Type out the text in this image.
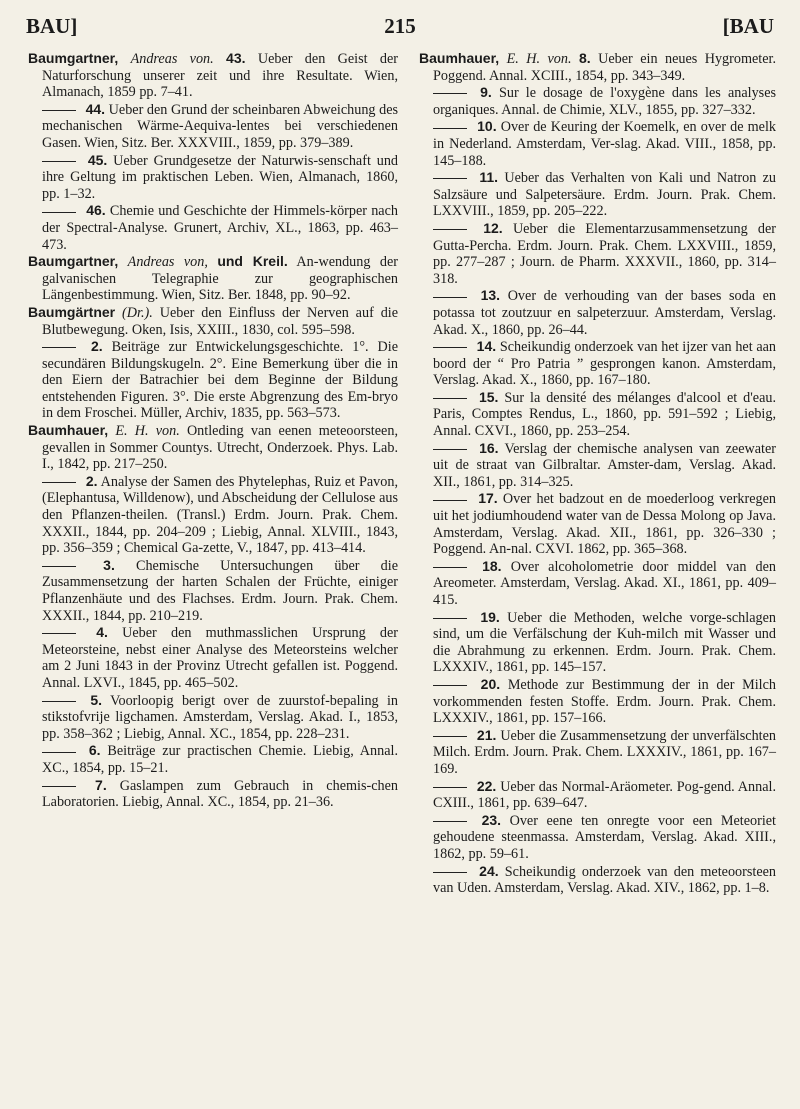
BAU]	215	[BAU
Baumgartner, Andreas von. 43. Ueber den Geist der Naturforschung unserer zeit und ihre Resultate. Wien, Almanach, 1859 pp. 7–41.
44. Ueber den Grund der scheinbaren Abweichung des mechanischen Wärme-Aequiva-lentes bei verschiedenen Gasen. Wien, Sitz. Ber. XXXVIII., 1859, pp. 379–389.
45. Ueber Grundgesetze der Naturwis-senschaft und ihre Geltung im praktischen Leben. Wien, Almanach, 1860, pp. 1–32.
46. Chemie und Geschichte der Himmels-körper nach der Spectral-Analyse. Grunert, Archiv, XL., 1863, pp. 463–473.
Baumgartner, Andreas von, und Kreil. An-wendung der galvanischen Telegraphie zur geographischen Längenbestimmung. Wien, Sitz. Ber. 1848, pp. 90–92.
Baumgärtner (Dr.). Ueber den Einfluss der Nerven auf die Blutbewegung. Oken, Isis, XXIII., 1830, col. 595–598.
2. Beiträge zur Entwickelungsgeschichte. 1°. Die secundären Bildungskugeln. 2°. Eine Bemerkung über die in den Eiern der Batrachier bei dem Beginne der Bildung entstehenden Figuren. 3°. Die erste Abgrenzung des Em-bryo in dem Froschei. Müller, Archiv, 1835, pp. 563–573.
Baumhauer, E. H. von. Ontleding van eenen meteoorsteen, gevallen in Sommer Countys. Utrecht, Onderzoek. Phys. Lab. I., 1842, pp. 217–250.
2. Analyse der Samen des Phytelephas, Ruiz et Pavon, (Elephantusa, Willdenow), und Abscheidung der Cellulose aus den Pflanzen-theilen. (Transl.) Erdm. Journ. Prak. Chem. XXXII., 1844, pp. 204–209 ; Liebig, Annal. XLVIII., 1843, pp. 356–359 ; Chemical Ga-zette, V., 1847, pp. 413–414.
3. Chemische Untersuchungen über die Zusammensetzung der harten Schalen der Früchte, einiger Pflanzenhäute und des Flachses. Erdm. Journ. Prak. Chem. XXXII., 1844, pp. 210–219.
4. Ueber den muthmasslichen Ursprung der Meteorsteine, nebst einer Analyse des Meteorsteins welcher am 2 Juni 1843 in der Provinz Utrecht gefallen ist. Poggend. Annal. LXVI., 1845, pp. 465–502.
5. Voorloopig berigt over de zuurstof-bepaling in stikstofvrije ligchamen. Amsterdam, Verslag. Akad. I., 1853, pp. 358–362 ; Liebig, Annal. XC., 1854, pp. 228–231.
6. Beiträge zur practischen Chemie. Liebig, Annal. XC., 1854, pp. 15–21.
7. Gaslampen zum Gebrauch in chemis-chen Laboratorien. Liebig, Annal. XC., 1854, pp. 21–36.
Baumhauer, E. H. von. 8. Ueber ein neues Hygrometer. Poggend. Annal. XCIII., 1854, pp. 343–349.
9. Sur le dosage de l'oxygène dans les analyses organiques. Annal. de Chimie, XLV., 1855, pp. 327–332.
10. Over de Keuring der Koemelk, en over de melk in Nederland. Amsterdam, Ver-slag. Akad. VIII., 1858, pp. 145–188.
11. Ueber das Verhalten von Kali und Natron zu Salzsäure und Salpetersäure. Erdm. Journ. Prak. Chem. LXXVIII., 1859, pp. 205–222.
12. Ueber die Elementarzusammensetzung der Gutta-Percha. Erdm. Journ. Prak. Chem. LXXVIII., 1859, pp. 277–287 ; Journ. de Pharm. XXXVII., 1860, pp. 314–318.
13. Over de verhouding van der bases soda en potassa tot zoutzuur en salpeterzuur. Amsterdam, Verslag. Akad. X., 1860, pp. 26–44.
14. Scheikundig onderzoek van het ijzer van het aan boord der “ Pro Patria ” gesprongen kanon. Amsterdam, Verslag. Akad. X., 1860, pp. 167–180.
15. Sur la densité des mélanges d'alcool et d'eau. Paris, Comptes Rendus, L., 1860, pp. 591–592 ; Liebig, Annal. CXVI., 1860, pp. 253–254.
16. Verslag der chemische analysen van zeewater uit de straat van Gilbraltar. Amster-dam, Verslag. Akad. XII., 1861, pp. 314–325.
17. Over het badzout en de moederloog verkregen uit het jodiumhoudend water van de Dessa Molong op Java. Amsterdam, Verslag. Akad. XII., 1861, pp. 326–330 ; Poggend. An-nal. CXVI. 1862, pp. 365–368.
18. Over alcoholometrie door middel van den Areometer. Amsterdam, Verslag. Akad. XI., 1861, pp. 409–415.
19. Ueber die Methoden, welche vorge-schlagen sind, um die Verfälschung der Kuh-milch mit Wasser und die Abrahmung zu erkennen. Erdm. Journ. Prak. Chem. LXXXIV., 1861, pp. 145–157.
20. Methode zur Bestimmung der in der Milch vorkommenden festen Stoffe. Erdm. Journ. Prak. Chem. LXXXIV., 1861, pp. 157–166.
21. Ueber die Zusammensetzung der unverfälschten Milch. Erdm. Journ. Prak. Chem. LXXXIV., 1861, pp. 167–169.
22. Ueber das Normal-Aräometer. Pog-gend. Annal. CXIII., 1861, pp. 639–647.
23. Over eene ten onregte voor een Meteoriet gehoudene steenmassa. Amsterdam, Verslag. Akad. XIII., 1862, pp. 59–61.
24. Scheikundig onderzoek van den meteoorsteen van Uden. Amsterdam, Verslag. Akad. XIV., 1862, pp. 1–8.
